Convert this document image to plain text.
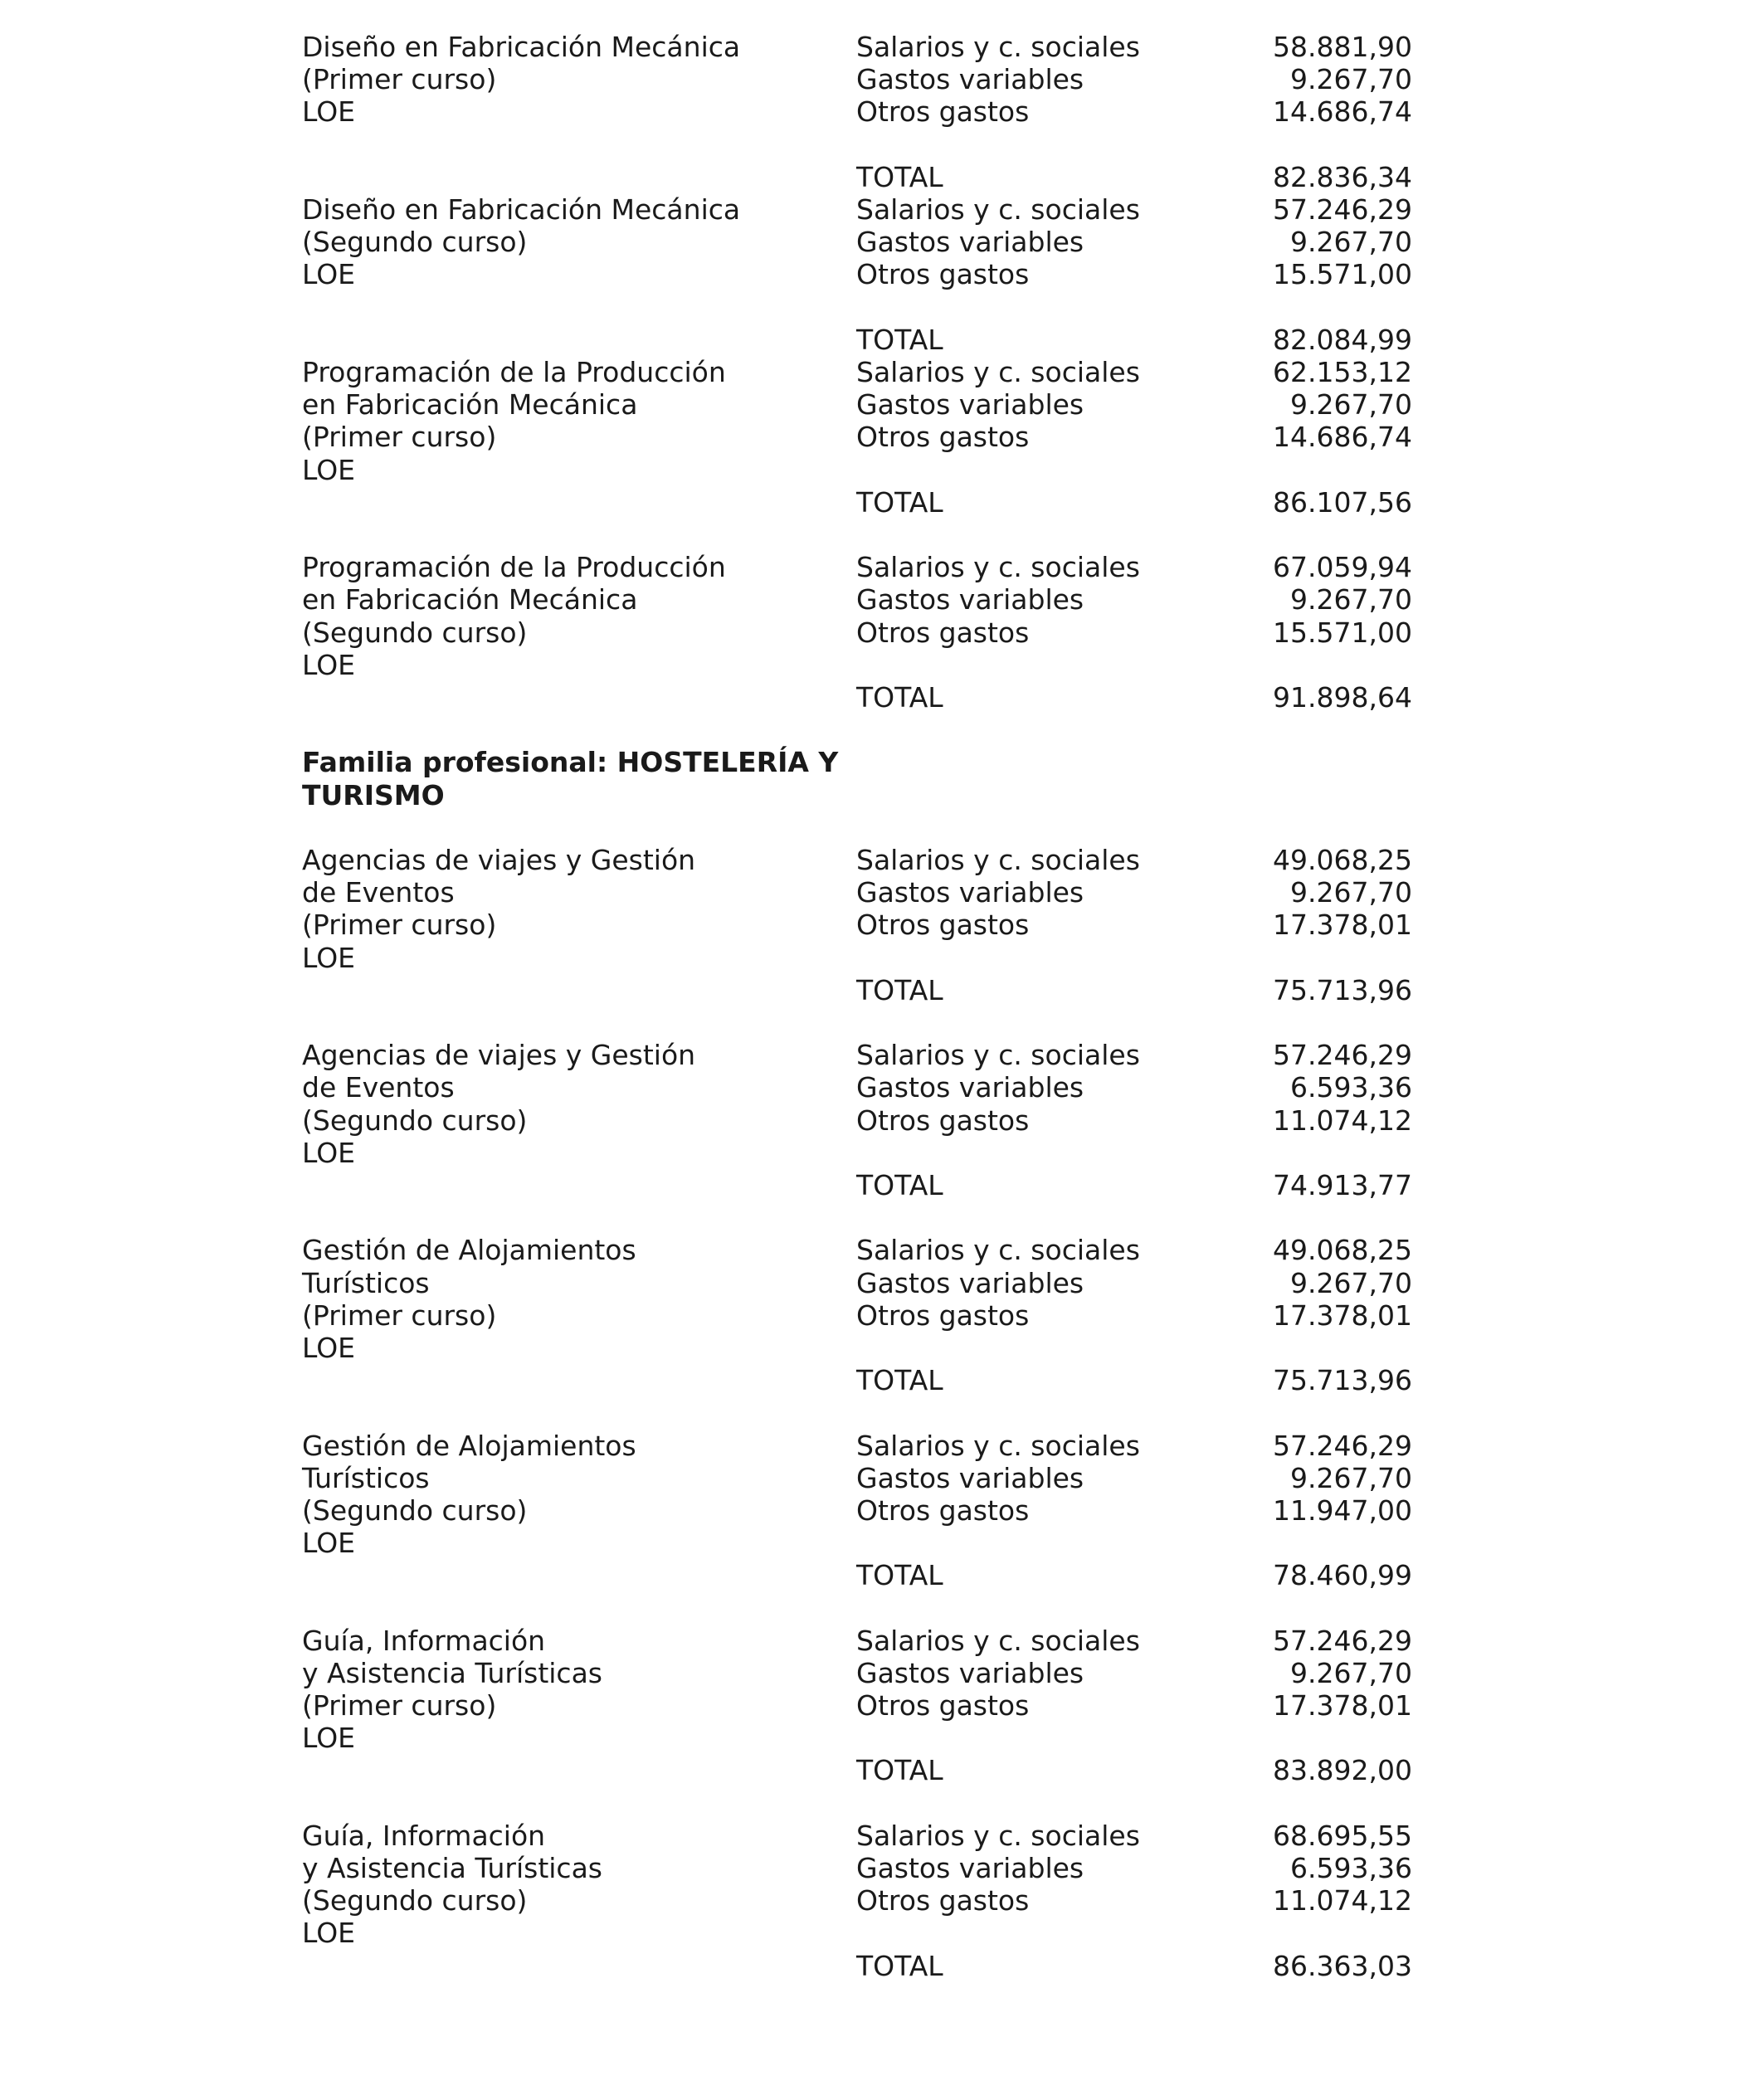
Diseño en Fabricación Mecánica
(Primer curso)
LOE
Salarios y c. sociales	58.881,90
Gastos variables	9.267,70
Otros gastos	14.686,74
TOTAL	82.836,34
Diseño en Fabricación Mecánica
(Segundo curso)
LOE
Salarios y c. sociales	57.246,29
Gastos variables	9.267,70
Otros gastos	15.571,00
TOTAL	82.084,99
Programación de la Producción
en Fabricación Mecánica
(Primer curso)
LOE
Salarios y c. sociales	62.153,12
Gastos variables	9.267,70
Otros gastos	14.686,74
TOTAL	86.107,56
Programación de la Producción
en Fabricación Mecánica
(Segundo curso)
LOE
Salarios y c. sociales	67.059,94
Gastos variables	9.267,70
Otros gastos	15.571,00
TOTAL	91.898,64
Familia profesional: HOSTELERÍA Y
TURISMO
Agencias de viajes y Gestión
de Eventos
(Primer curso)
LOE
Salarios y c. sociales	49.068,25
Gastos variables	9.267,70
Otros gastos	17.378,01
TOTAL	75.713,96
Agencias de viajes y Gestión
de Eventos
(Segundo curso)
LOE
Salarios y c. sociales	57.246,29
Gastos variables	6.593,36
Otros gastos	11.074,12
TOTAL	74.913,77
Gestión de Alojamientos
Turísticos
(Primer curso)
LOE
Salarios y c. sociales	49.068,25
Gastos variables	9.267,70
Otros gastos	17.378,01
TOTAL	75.713,96
Gestión de Alojamientos
Turísticos
(Segundo curso)
LOE
Salarios y c. sociales	57.246,29
Gastos variables	9.267,70
Otros gastos	11.947,00
TOTAL	78.460,99
Guía, Información
y Asistencia Turísticas
(Primer curso)
LOE
Salarios y c. sociales	57.246,29
Gastos variables	9.267,70
Otros gastos	17.378,01
TOTAL	83.892,00
Guía, Información
y Asistencia Turísticas
(Segundo curso)
LOE
Salarios y c. sociales	68.695,55
Gastos variables	6.593,36
Otros gastos	11.074,12
TOTAL	86.363,03
